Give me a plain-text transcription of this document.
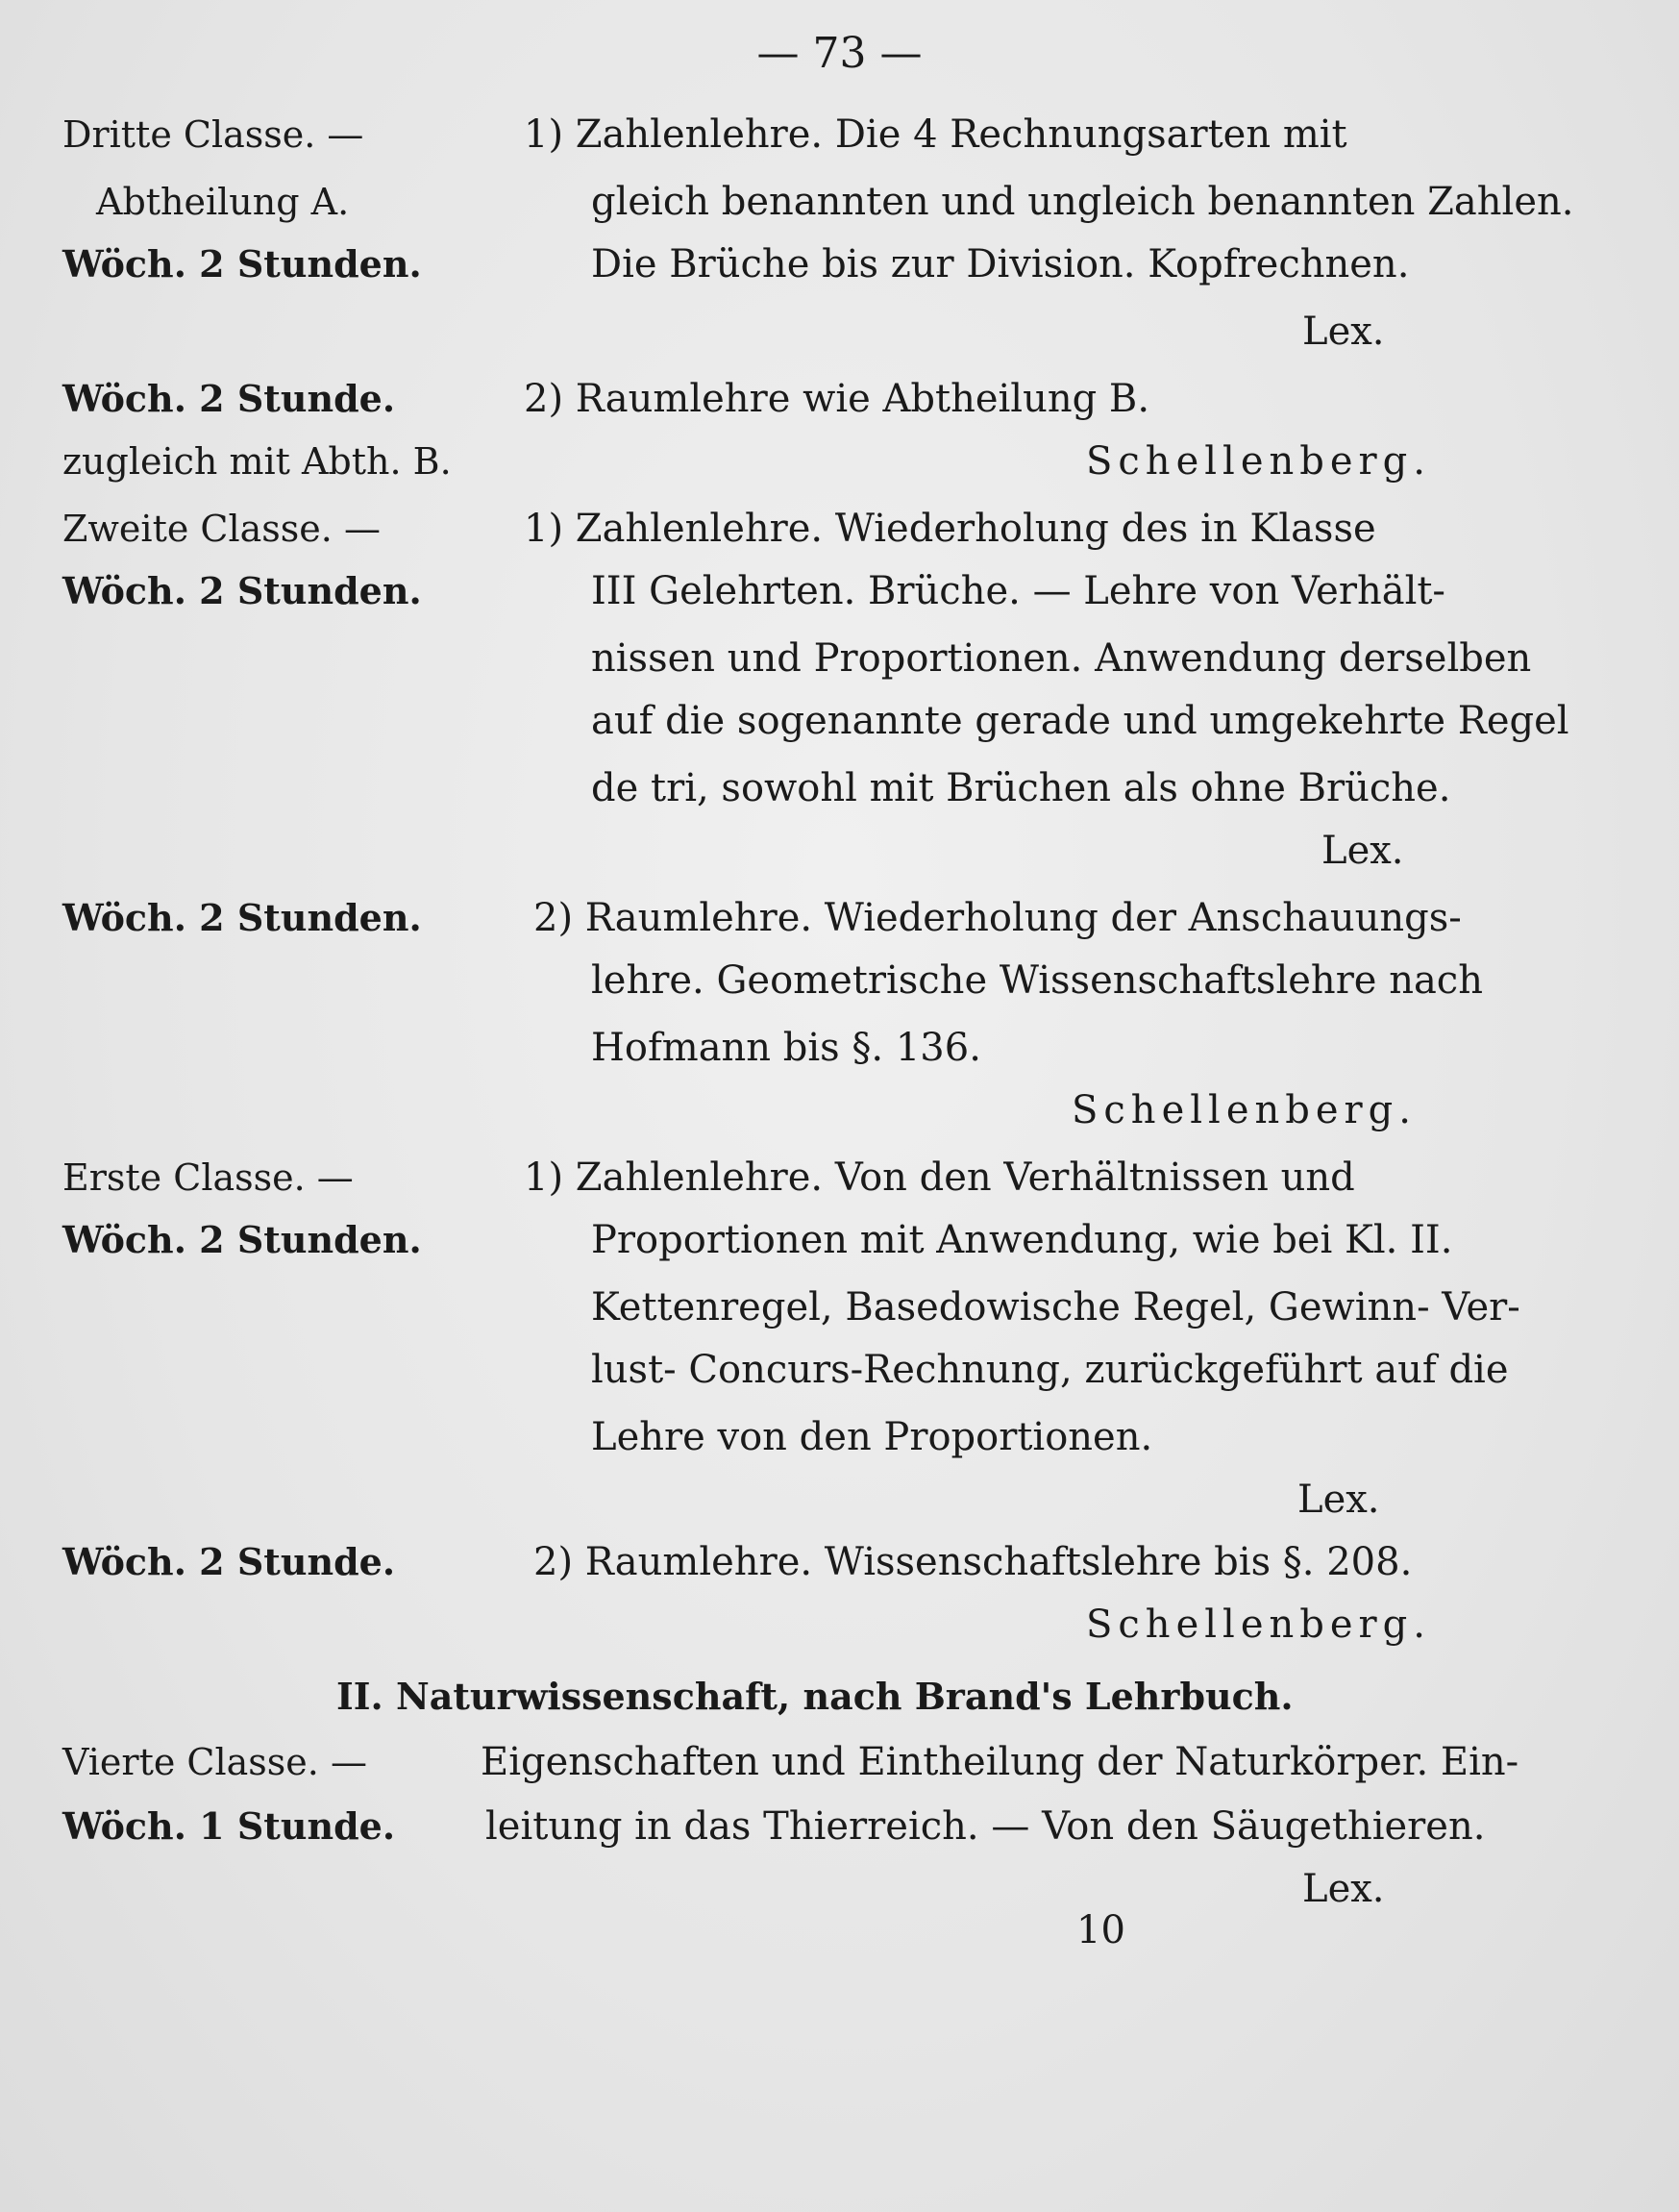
— 73 —
Dritte Classe. —
Abtheilung A.
Wöch. 2 Stunden.
Wöch. 2 Stunde.
zugleich mit Abth. B.
Zweite Classe. —
Wöch. 2 Stunden.
Wöch. 2 Stunden.
Erste Classe. —
Wöch. 2 Stunden.
Wöch. 2 Stunde.
Vierte Classe. —
Wöch. 1 Stunde.
1) Zahlenlehre. Die 4 Rechnungsarten mit
gleich benannten und ungleich benannten Zahlen.
Die Brüche bis zur Division. Kopfrechnen.
Lex.
2) Raumlehre wie Abtheilung B.
Schellenberg.
1) Zahlenlehre. Wiederholung des in Klasse
III Gelehrten. Brüche. — Lehre von Verhält-
nissen und Proportionen. Anwendung derselben
auf die sogenannte gerade und umgekehrte Regel
de tri, sowohl mit Brüchen als ohne Brüche.
Lex.
2) Raumlehre. Wiederholung der Anschauungs-
lehre. Geometrische Wissenschaftslehre nach
Hofmann bis §. 136.
Schellenberg.
1) Zahlenlehre. Von den Verhältnissen und
Proportionen mit Anwendung, wie bei Kl. II.
Kettenregel, Basedowische Regel, Gewinn- Ver-
lust- Concurs-Rechnung, zurückgeführt auf die
Lehre von den Proportionen.
Lex.
2) Raumlehre. Wissenschaftslehre bis §. 208.
Schellenberg.
II. Naturwissenschaft, nach Brand's Lehrbuch.
Eigenschaften und Eintheilung der Naturkörper. Ein-
leitung in das Thierreich. — Von den Säugethieren.
Lex.
10
